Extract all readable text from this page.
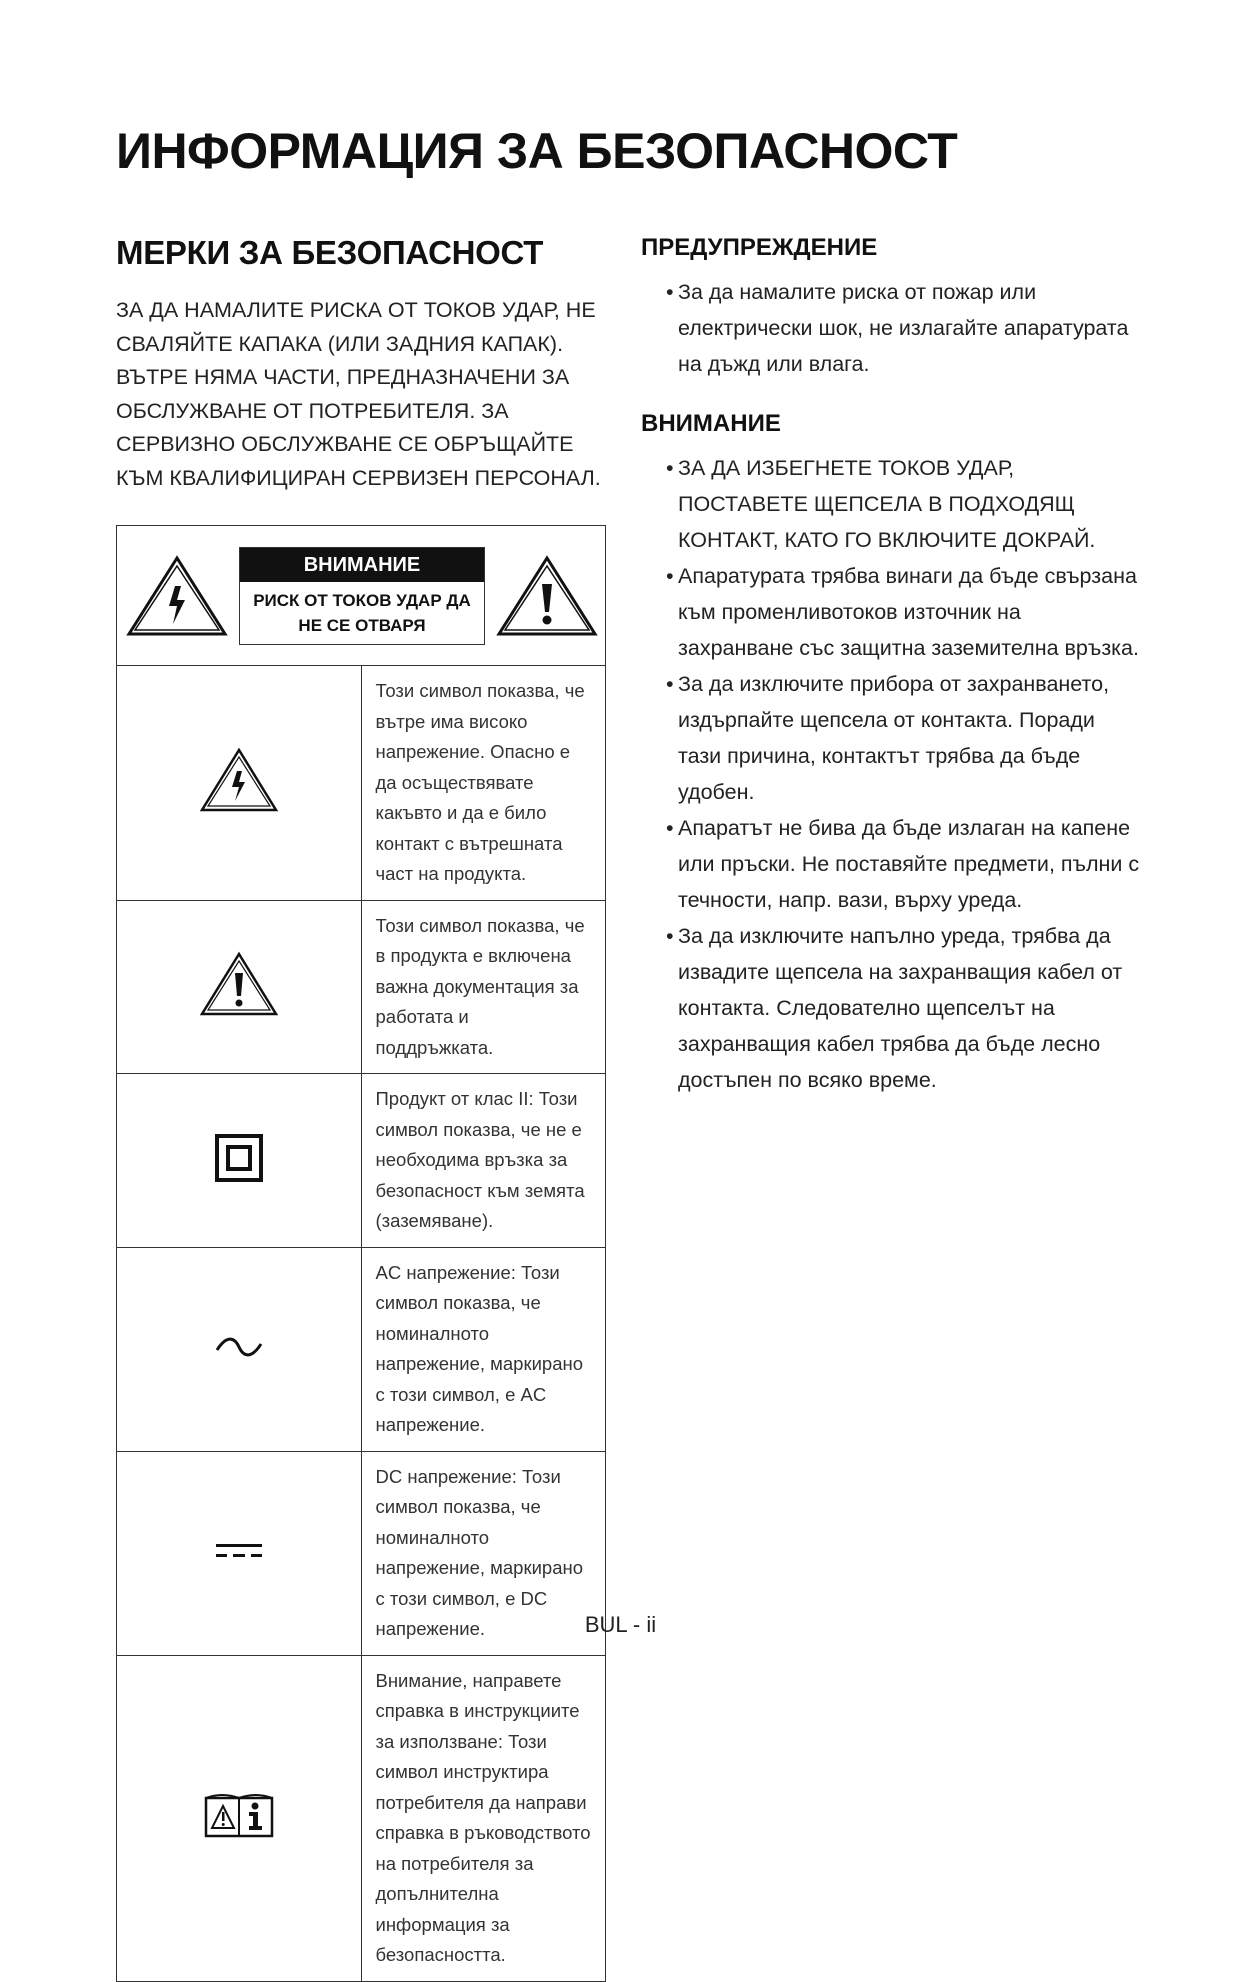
ИНФОРМАЦИЯ ЗА БЕЗОПАСНОСТ
МЕРКИ ЗА БЕЗОПАСНОСТ
ЗА ДА НАМАЛИТЕ РИСКА ОТ ТОКОВ УДАР, НЕ
СВАЛЯЙТЕ КАПАКА (ИЛИ ЗАДНИЯ КАПАК).
ВЪТРЕ НЯМА ЧАСТИ, ПРЕДНАЗНАЧЕНИ ЗА
ОБСЛУЖВАНЕ ОТ ПОТРЕБИТЕЛЯ. ЗА
СЕРВИЗНО ОБСЛУЖВАНЕ СЕ ОБРЪЩАЙТЕ
КЪМ КВАЛИФИЦИРАН СЕРВИЗЕН ПЕРСОНАЛ.
ВНИМАНИЕ
РИСК ОТ ТОКОВ УДАР ДА
НЕ СЕ ОТВАРЯ	

	Този символ показва, че вътре има високо напрежение. Опасно е да осъществявате какъвто и да е било контакт с вътрешната част на продукта.
	Този символ показва, че в продукта е включена важна документация за работата и поддръжката.
	Продукт от клас II: Този символ показва, че не е необходима връзка за безопасност към земята (заземяване).
	AC напрежение: Този символ показва, че номиналното напрежение, маркирано с този символ, е AC напрежение.
	DC напрежение: Този символ показва, че номиналното напрежение, маркирано с този символ, е DC напрежение.
	Внимание, направете справка в инструкциите за използване: Този символ инструктира потребителя да направи справка в ръководството на потребителя за допълнителна информация за безопасността.
ПРЕДУПРЕЖДЕНИЕ
• За да намалите риска от пожар или електрически шок, не излагайте апаратурата на дъжд или влага.
ВНИМАНИЕ
• ЗА ДА ИЗБЕГНЕТЕ ТОКОВ УДАР, ПОСТАВЕТЕ ЩЕПСЕЛА В ПОДХОДЯЩ КОНТАКТ, КАТО ГО ВКЛЮЧИТЕ ДОКРАЙ.
• Апаратурата трябва винаги да бъде свързана към променливотоков източник на захранване със защитна заземителна връзка.
• За да изключите прибора от захранването, издърпайте щепсела от контакта. Поради тази причина, контактът трябва да бъде удобен.
• Апаратът не бива да бъде излаган на капене или пръски. Не поставяйте предмети, пълни с течности, напр. вази, върху уреда.
• За да изключите напълно уреда, трябва да извадите щепсела на захранващия кабел от контакта. Следователно щепселът на захранващия кабел трябва да бъде лесно достъпен по всяко време.
BUL - ii
